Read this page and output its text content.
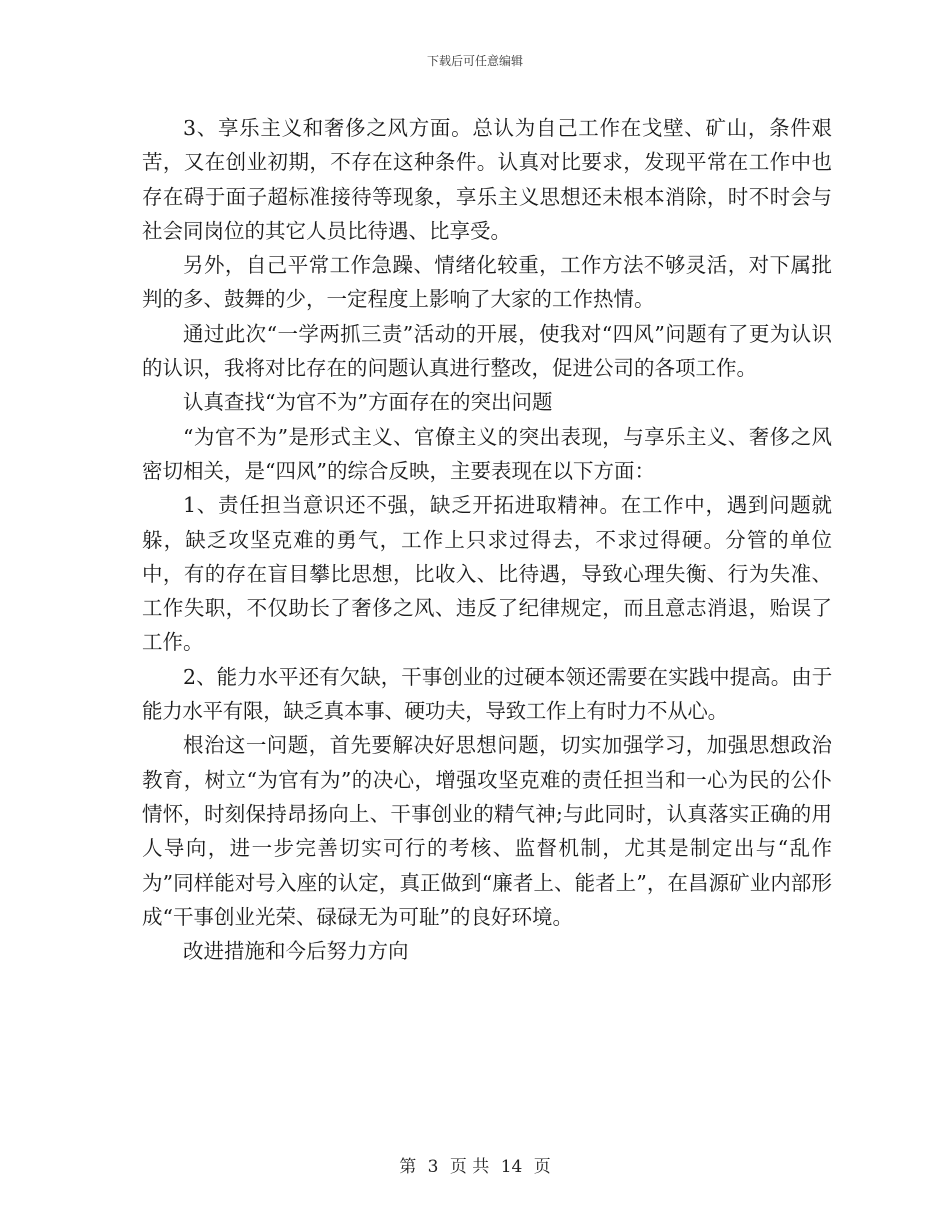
下载后可任意编辑

3、享乐主义和奢侈之风方面。总认为自己工作在戈壁、矿山，条件艰苦，又在创业初期，不存在这种条件。认真对比要求，发现平常在工作中也存在碍于面子超标准接待等现象，享乐主义思想还未根本消除，时不时会与社会同岗位的其它人员比待遇、比享受。

另外，自己平常工作急躁、情绪化较重，工作方法不够灵活，对下属批判的多、鼓舞的少，一定程度上影响了大家的工作热情。

通过此次“一学两抓三责”活动的开展，使我对“四风”问题有了更为认识的认识，我将对比存在的问题认真进行整改，促进公司的各项工作。

认真查找“为官不为”方面存在的突出问题

“为官不为”是形式主义、官僚主义的突出表现，与享乐主义、奢侈之风密切相关，是“四风”的综合反映，主要表现在以下方面：

1、责任担当意识还不强，缺乏开拓进取精神。在工作中，遇到问题就躲，缺乏攻坚克难的勇气，工作上只求过得去，不求过得硬。分管的单位中，有的存在盲目攀比思想，比收入、比待遇，导致心理失衡、行为失准、工作失职，不仅助长了奢侈之风、违反了纪律规定，而且意志消退，贻误了工作。

2、能力水平还有欠缺，干事创业的过硬本领还需要在实践中提高。由于能力水平有限，缺乏真本事、硬功夫，导致工作上有时力不从心。

根治这一问题，首先要解决好思想问题，切实加强学习，加强思想政治教育，树立“为官有为”的决心，增强攻坚克难的责任担当和一心为民的公仆情怀，时刻保持昂扬向上、干事创业的精气神;与此同时，认真落实正确的用人导向，进一步完善切实可行的考核、监督机制，尤其是制定出与“乱作为”同样能对号入座的认定，真正做到“廉者上、能者上”，在昌源矿业内部形成“干事创业光荣、碌碌无为可耻”的良好环境。

改进措施和今后努力方向

第 3 页 共 14 页
